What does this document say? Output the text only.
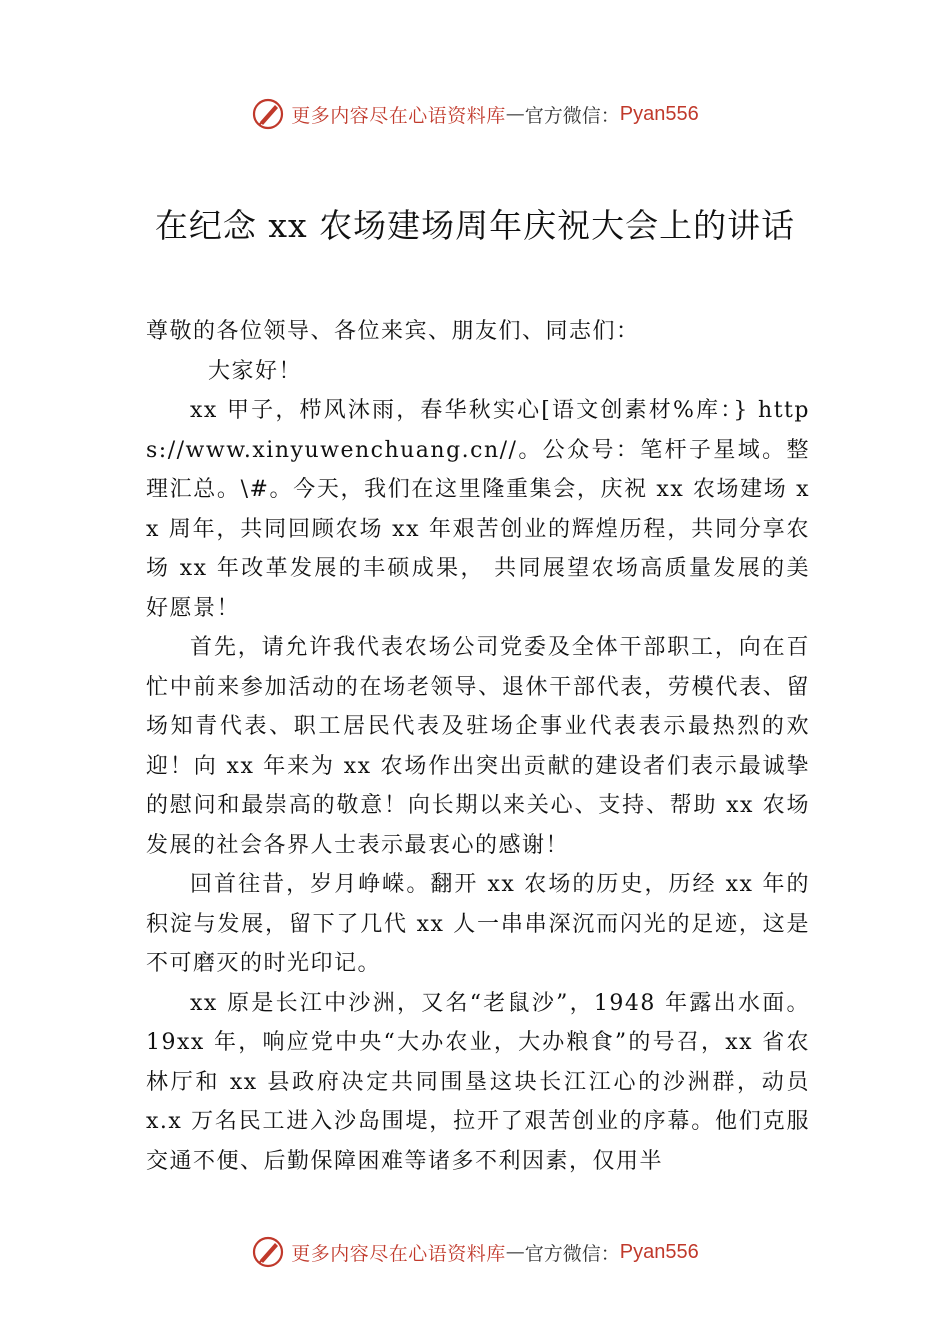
更多内容尽在心语资料库 — 官方微信： Pyan556
在纪念 xx 农场建场周年庆祝大会上的讲话

尊敬的各位领导、各位来宾、朋友们、同志们：

大家好！

xx 甲子，栉风沐雨，春华秋实心[语文创素材%库：} https://www.xinyuwenchuang.cn//。公众号：笔杆子星域。整理汇总。\#。今天，我们在这里隆重集会，庆祝 xx 农场建场 xx 周年，共同回顾农场 xx 年艰苦创业的辉煌历程，共同分享农场 xx 年改革发展的丰硕成果， 共同展望农场高质量发展的美好愿景！

首先，请允许我代表农场公司党委及全体干部职工，向在百忙中前来参加活动的在场老领导、退休干部代表，劳模代表、留场知青代表、职工居民代表及驻场企事业代表表示最热烈的欢迎！向 xx 年来为 xx 农场作出突出贡献的建设者们表示最诚挚的慰问和最崇高的敬意！向长期以来关心、支持、帮助 xx 农场发展的社会各界人士表示最衷心的感谢！

回首往昔，岁月峥嵘。翻开 xx 农场的历史，历经 xx 年的积淀与发展，留下了几代 xx 人一串串深沉而闪光的足迹，这是不可磨灭的时光印记。

xx 原是长江中沙洲，又名“老鼠沙”，1948 年露出水面。19xx 年，响应党中央“大办农业，大办粮食”的号召，xx 省农林厅和 xx 县政府决定共同围垦这块长江江心的沙洲群，动员 x.x 万名民工进入沙岛围堤，拉开了艰苦创业的序幕。他们克服交通不便、后勤保障困难等诸多不利因素，仅用半

更多内容尽在心语资料库 — 官方微信： Pyan556
